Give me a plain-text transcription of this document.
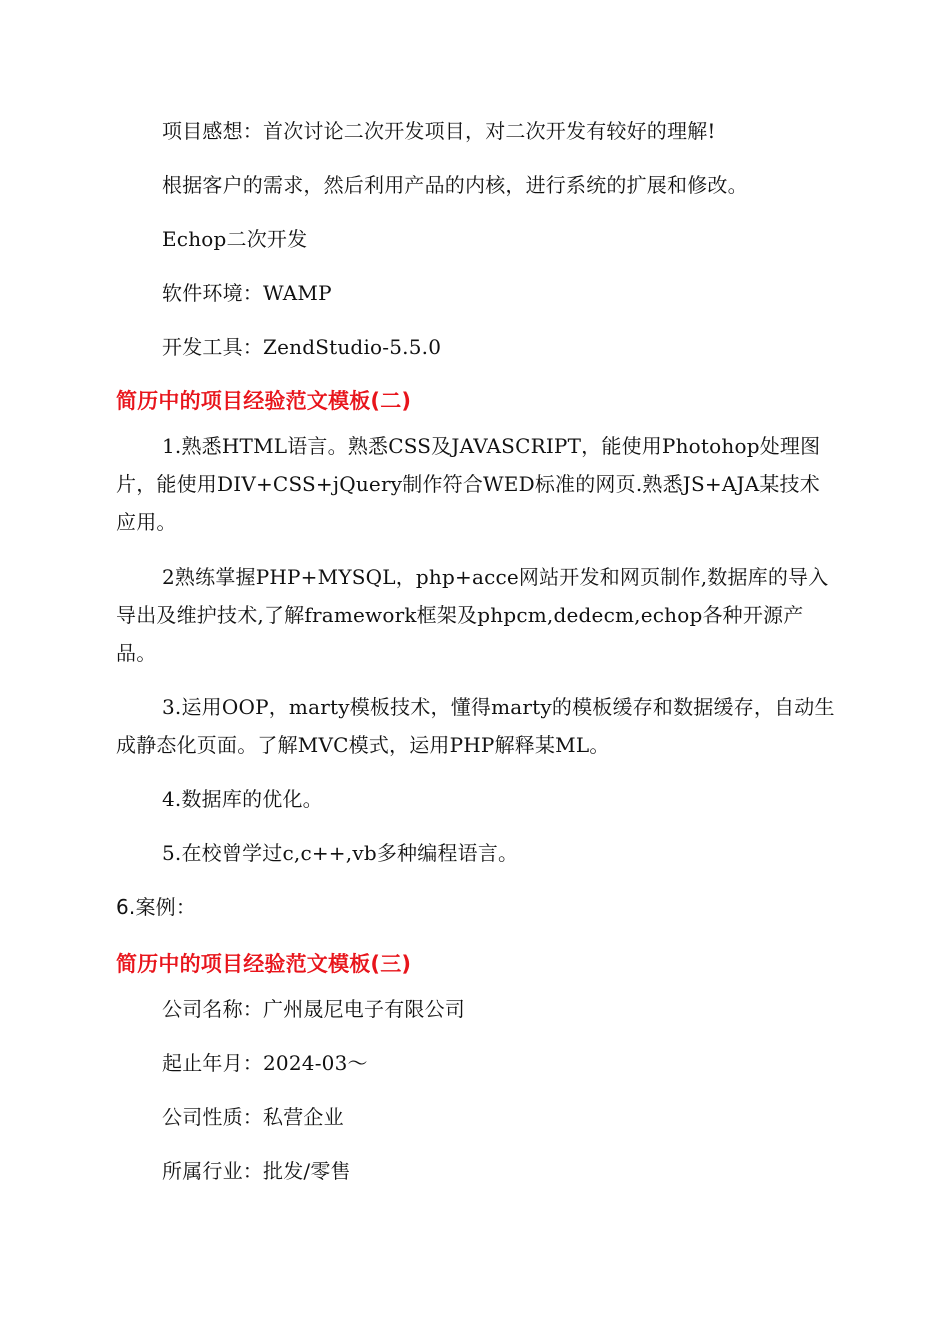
项目感想：首次讨论二次开发项目，对二次开发有较好的理解!

根据客户的需求，然后利用产品的内核，进行系统的扩展和修改。

Echop二次开发

软件环境：WAMP

开发工具：ZendStudio-5.5.0

简历中的项目经验范文模板(二)

1.熟悉HTML语言。熟悉CSS及JAVASCRIPT，能使用Photohop处理图片，能使用DIV+CSS+jQuery制作符合WED标准的网页.熟悉JS+AJA某技术应用。

2熟练掌握PHP+MYSQL，php+acce网站开发和网页制作,数据库的导入导出及维护技术,了解framework框架及phpcm,dedecm,echop各种开源产品。

3.运用OOP，marty模板技术，懂得marty的模板缓存和数据缓存，自动生成静态化页面。了解MVC模式，运用PHP解释某ML。

4.数据库的优化。

5.在校曾学过c,c++,vb多种编程语言。

6.案例：

简历中的项目经验范文模板(三)

公司名称：广州晟尼电子有限公司

起止年月：2024-03～

公司性质：私营企业

所属行业：批发/零售
